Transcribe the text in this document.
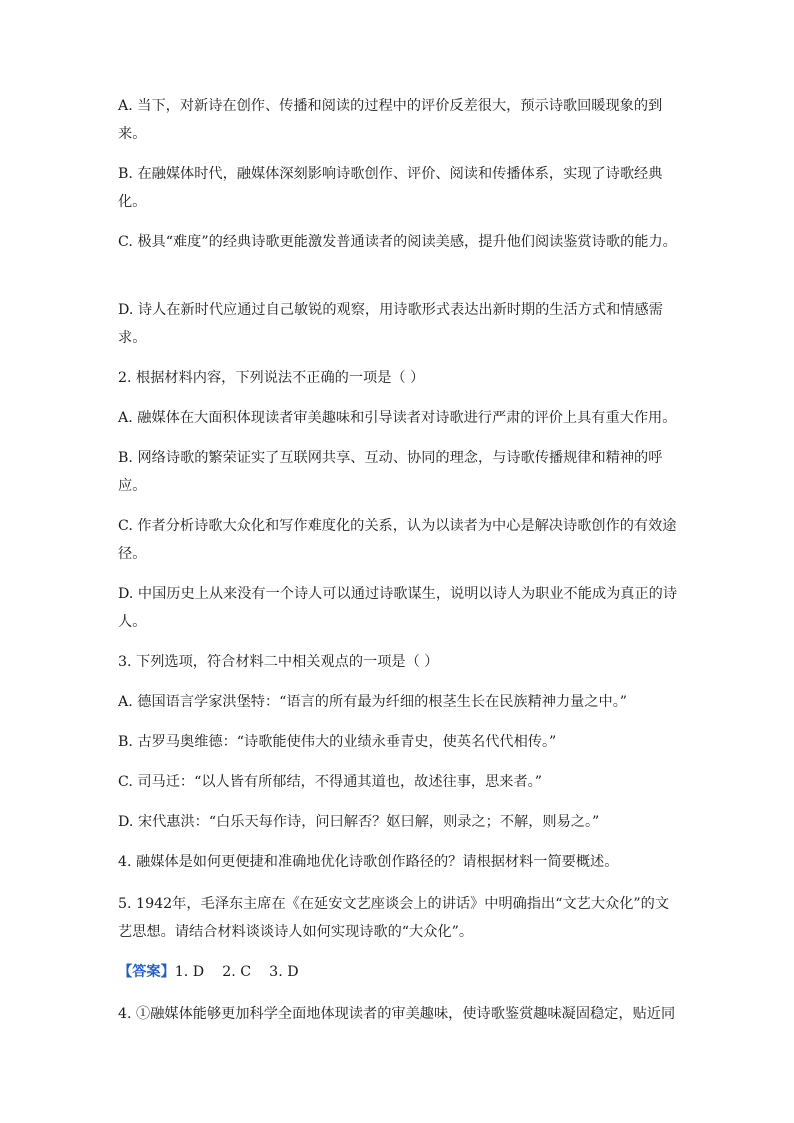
A. 当下，对新诗在创作、传播和阅读的过程中的评价反差很大，预示诗歌回暖现象的到来。

B. 在融媒体时代，融媒体深刻影响诗歌创作、评价、阅读和传播体系，实现了诗歌经典化。

C. 极具“难度”的经典诗歌更能激发普通读者的阅读美感，提升他们阅读鉴赏诗歌的能力。

D. 诗人在新时代应通过自己敏锐的观察，用诗歌形式表达出新时期的生活方式和情感需求。

2. 根据材料内容，下列说法不正确的一项是（ ）

A. 融媒体在大面积体现读者审美趣味和引导读者对诗歌进行严肃的评价上具有重大作用。

B. 网络诗歌的繁荣证实了互联网共享、互动、协同的理念，与诗歌传播规律和精神的呼应。

C. 作者分析诗歌大众化和写作难度化的关系，认为以读者为中心是解决诗歌创作的有效途径。

D. 中国历史上从来没有一个诗人可以通过诗歌谋生，说明以诗人为职业不能成为真正的诗人。

3. 下列选项，符合材料二中相关观点的一项是（ ）

A. 德国语言学家洪堡特：“语言的所有最为纤细的根茎生长在民族精神力量之中。”

B. 古罗马奥维德：“诗歌能使伟大的业绩永垂青史，使英名代代相传。”

C. 司马迁：“以人皆有所郁结，不得通其道也，故述往事，思来者。”

D. 宋代惠洪：“白乐天每作诗，问曰解否？妪曰解，则录之；不解，则易之。”

4. 融媒体是如何更便捷和准确地优化诗歌创作路径的？请根据材料一简要概述。

5. 1942年，毛泽东主席在《在延安文艺座谈会上的讲话》中明确指出“文艺大众化”的文艺思想。请结合材料谈谈诗人如何实现诗歌的“大众化”。

【答案】1. D    2. C    3. D

4. ①融媒体能够更加科学全面地体现读者的审美趣味，使诗歌鉴赏趣味凝固稳定，贴近同
